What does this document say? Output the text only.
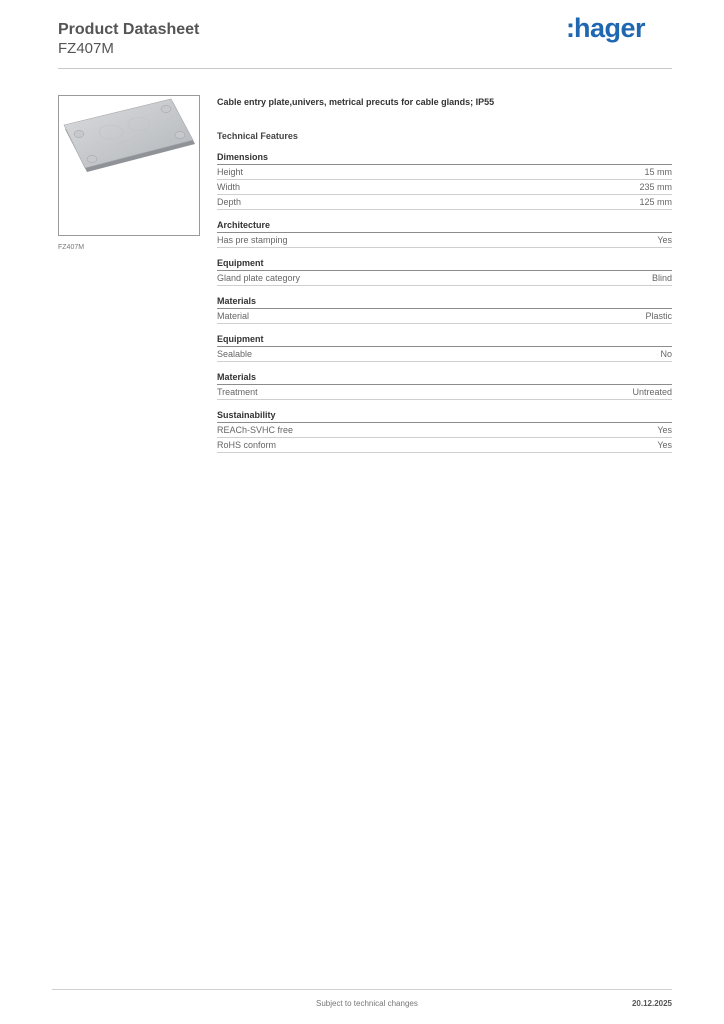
Product Datasheet
FZ407M
:hager
FZ407M
Cable entry plate,univers, metrical precuts for cable glands; IP55
Technical Features
Dimensions
Height	15 mm
Width	235 mm
Depth	125 mm
Architecture
Has pre stamping	Yes
Equipment
Gland plate category	Blind
Materials
Material	Plastic
Equipment
Sealable	No
Materials
Treatment	Untreated
Sustainability
REACh-SVHC free	Yes
RoHS conform	Yes
Subject to technical changes	20.12.2025
